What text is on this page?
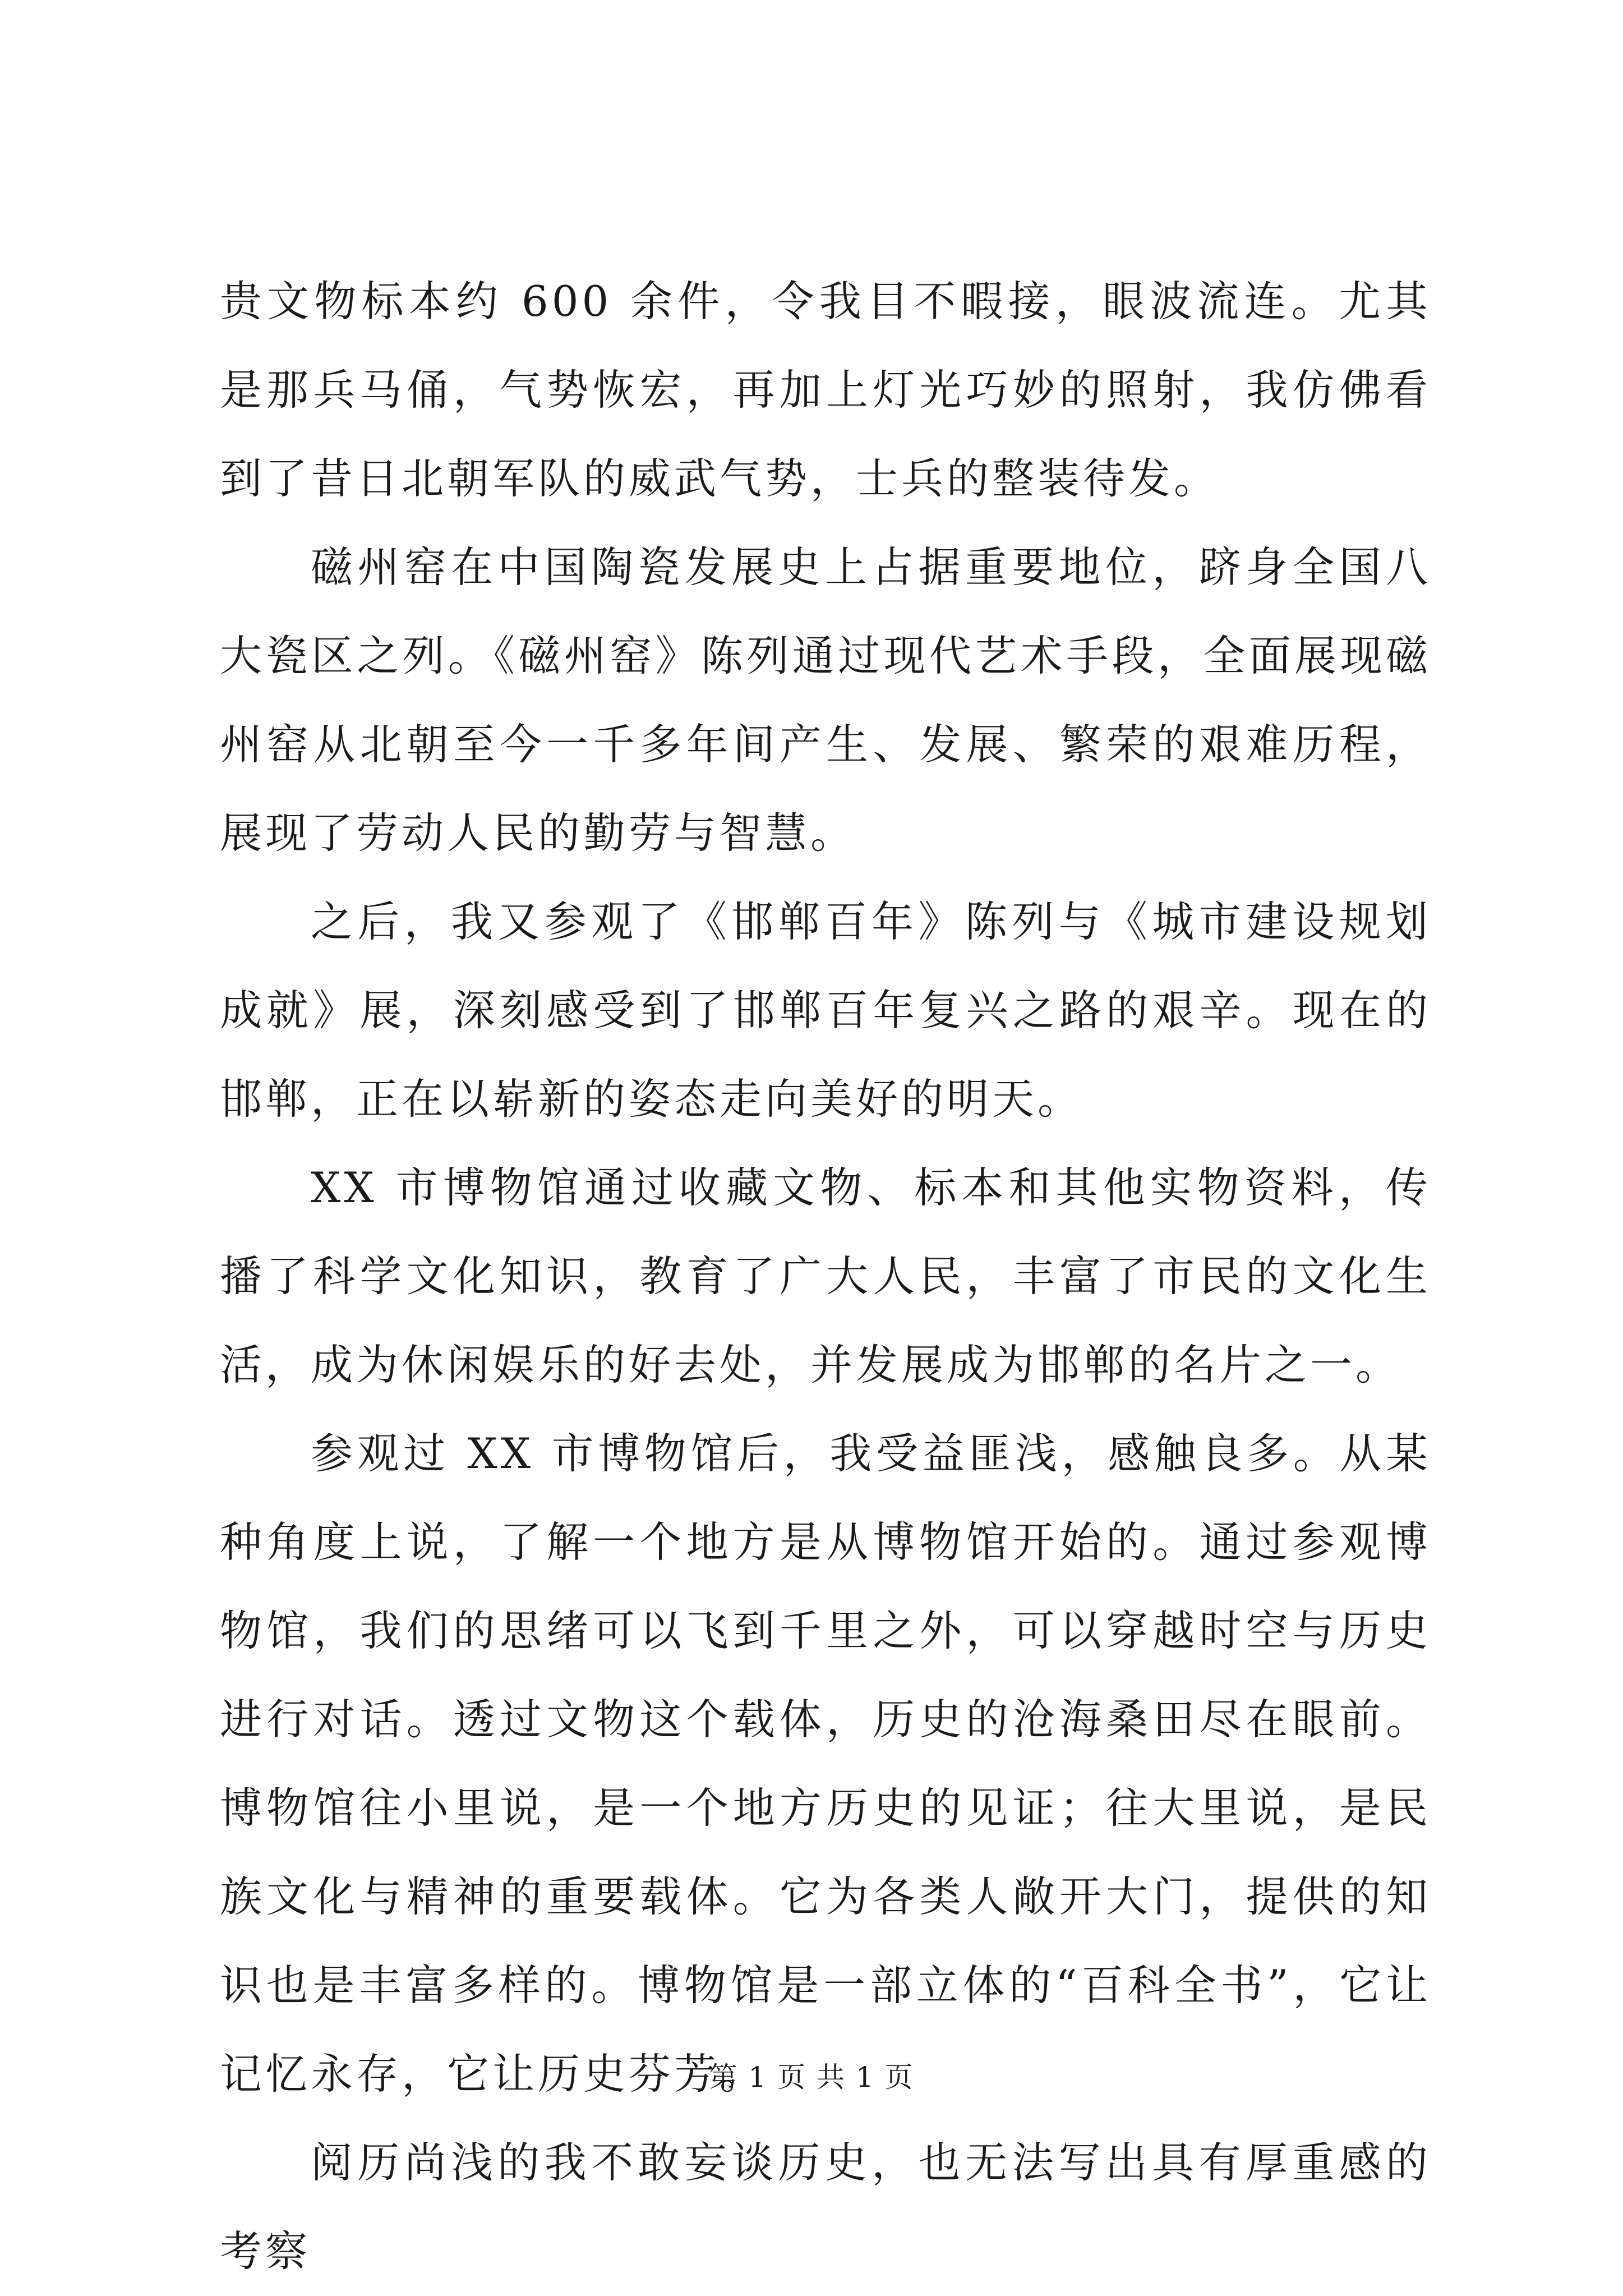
贵文物标本约 600 余件，令我目不暇接，眼波流连。尤其是那兵马俑，气势恢宏，再加上灯光巧妙的照射，我仿佛看到了昔日北朝军队的威武气势，士兵的整装待发。

磁州窑在中国陶瓷发展史上占据重要地位，跻身全国八大瓷区之列。《磁州窑》陈列通过现代艺术手段，全面展现磁州窑从北朝至今一千多年间产生、发展、繁荣的艰难历程，展现了劳动人民的勤劳与智慧。

之后，我又参观了《邯郸百年》陈列与《城市建设规划成就》展，深刻感受到了邯郸百年复兴之路的艰辛。现在的邯郸，正在以崭新的姿态走向美好的明天。

XX 市博物馆通过收藏文物、标本和其他实物资料，传播了科学文化知识，教育了广大人民，丰富了市民的文化生活，成为休闲娱乐的好去处，并发展成为邯郸的名片之一。

参观过 XX 市博物馆后，我受益匪浅，感触良多。从某种角度上说，了解一个地方是从博物馆开始的。通过参观博物馆，我们的思绪可以飞到千里之外，可以穿越时空与历史进行对话。透过文物这个载体，历史的沧海桑田尽在眼前。博物馆往小里说，是一个地方历史的见证；往大里说，是民族文化与精神的重要载体。它为各类人敞开大门，提供的知识也是丰富多样的。博物馆是一部立体的“百科全书”，它让记忆永存，它让历史芬芳。

阅历尚浅的我不敢妄谈历史，也无法写出具有厚重感的考察

第 1 页 共 1 页
